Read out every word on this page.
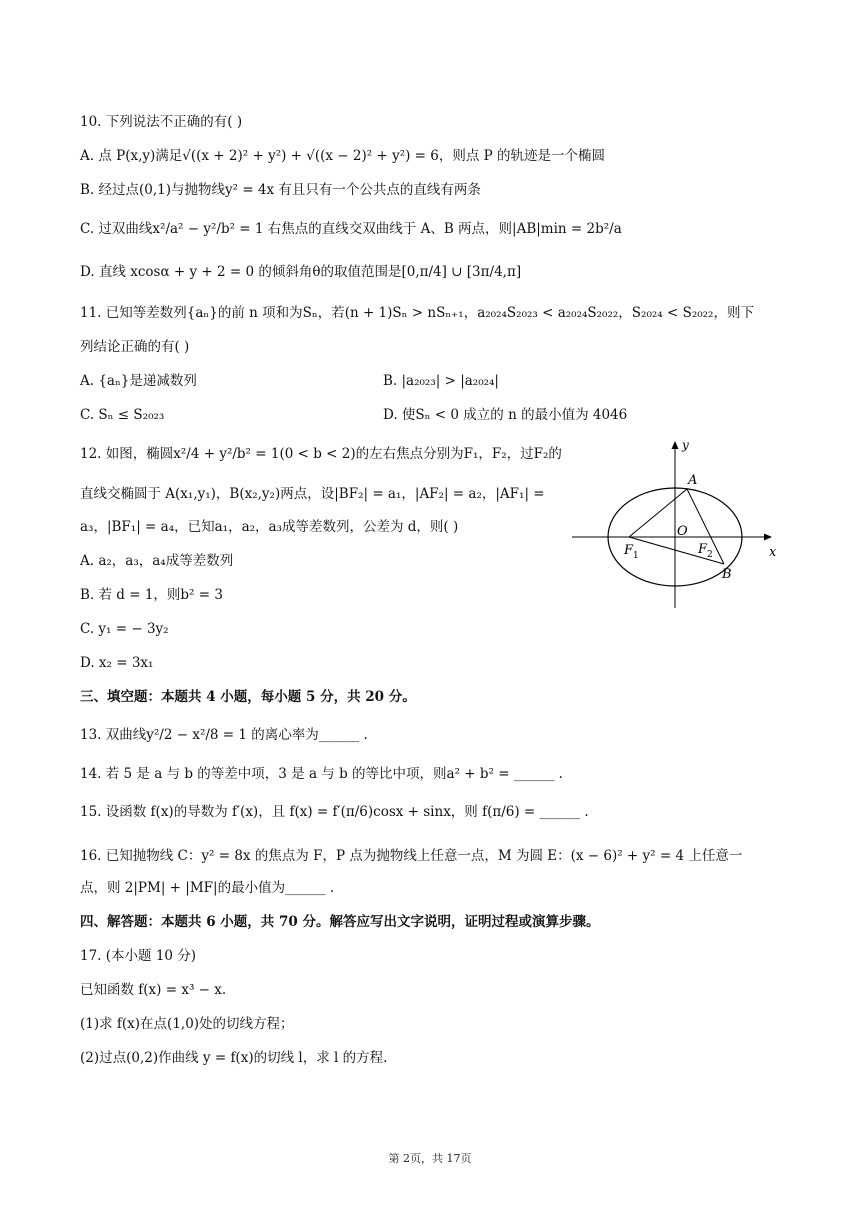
10. 下列说法不正确的有( )
A. 点 P(x,y)满足√((x + 2)² + y²) + √((x − 2)² + y²) = 6，则点 P 的轨迹是一个椭圆
B. 经过点(0,1)与抛物线y² = 4x 有且只有一个公共点的直线有两条
C. 过双曲线x²/a² − y²/b² = 1 右焦点的直线交双曲线于 A、B 两点，则|AB|min = 2b²/a
D. 直线 xcosα + y + 2 = 0 的倾斜角θ的取值范围是[0,π/4] ∪ [3π/4,π]
11. 已知等差数列{aₙ}的前 n 项和为Sₙ，若(n + 1)Sₙ > nSₙ₊₁，a₂₀₂₄S₂₀₂₃ < a₂₀₂₄S₂₀₂₂，S₂₀₂₄ < S₂₀₂₂，则下
列结论正确的有( )
A. {aₙ}是递减数列	B. |a₂₀₂₃| > |a₂₀₂₄|
C. Sₙ ≤ S₂₀₂₃	D. 使Sₙ < 0 成立的 n 的最小值为 4046
12. 如图，椭圆x²/4 + y²/b² = 1(0 < b < 2)的左右焦点分别为F₁，F₂，过F₂的
直线交椭圆于 A(x₁,y₁)，B(x₂,y₂)两点，设|BF₂| = a₁，|AF₂| = a₂，|AF₁| =
a₃，|BF₁| = a₄，已知a₁，a₂，a₃成等差数列，公差为 d，则( )
A. a₂，a₃，a₄成等差数列
B. 若 d = 1，则b² = 3
C. y₁ = − 3y₂
D. x₂ = 3x₁
y
x
A
B
O
F 1	F 2
三、填空题：本题共 4 小题，每小题 5 分，共 20 分。
13. 双曲线y²/2 − x²/8 = 1 的离心率为______ .
14. 若 5 是 a 与 b 的等差中项，3 是 a 与 b 的等比中项，则a² + b² = ______ .
15. 设函数 f(x)的导数为 f′(x)，且 f(x) = f′(π/6)cosx + sinx，则 f(π/6) = ______ .
16. 已知抛物线 C：y² = 8x 的焦点为 F，P 点为抛物线上任意一点，M 为圆 E：(x − 6)² + y² = 4 上任意一
点，则 2|PM| + |MF|的最小值为______ .
四、解答题：本题共 6 小题，共 70 分。解答应写出文字说明，证明过程或演算步骤。
17. (本小题 10 分)
已知函数 f(x) = x³ − x.
(1)求 f(x)在点(1,0)处的切线方程；
(2)过点(0,2)作曲线 y = f(x)的切线 l，求 l 的方程.
第 2页，共 17页
